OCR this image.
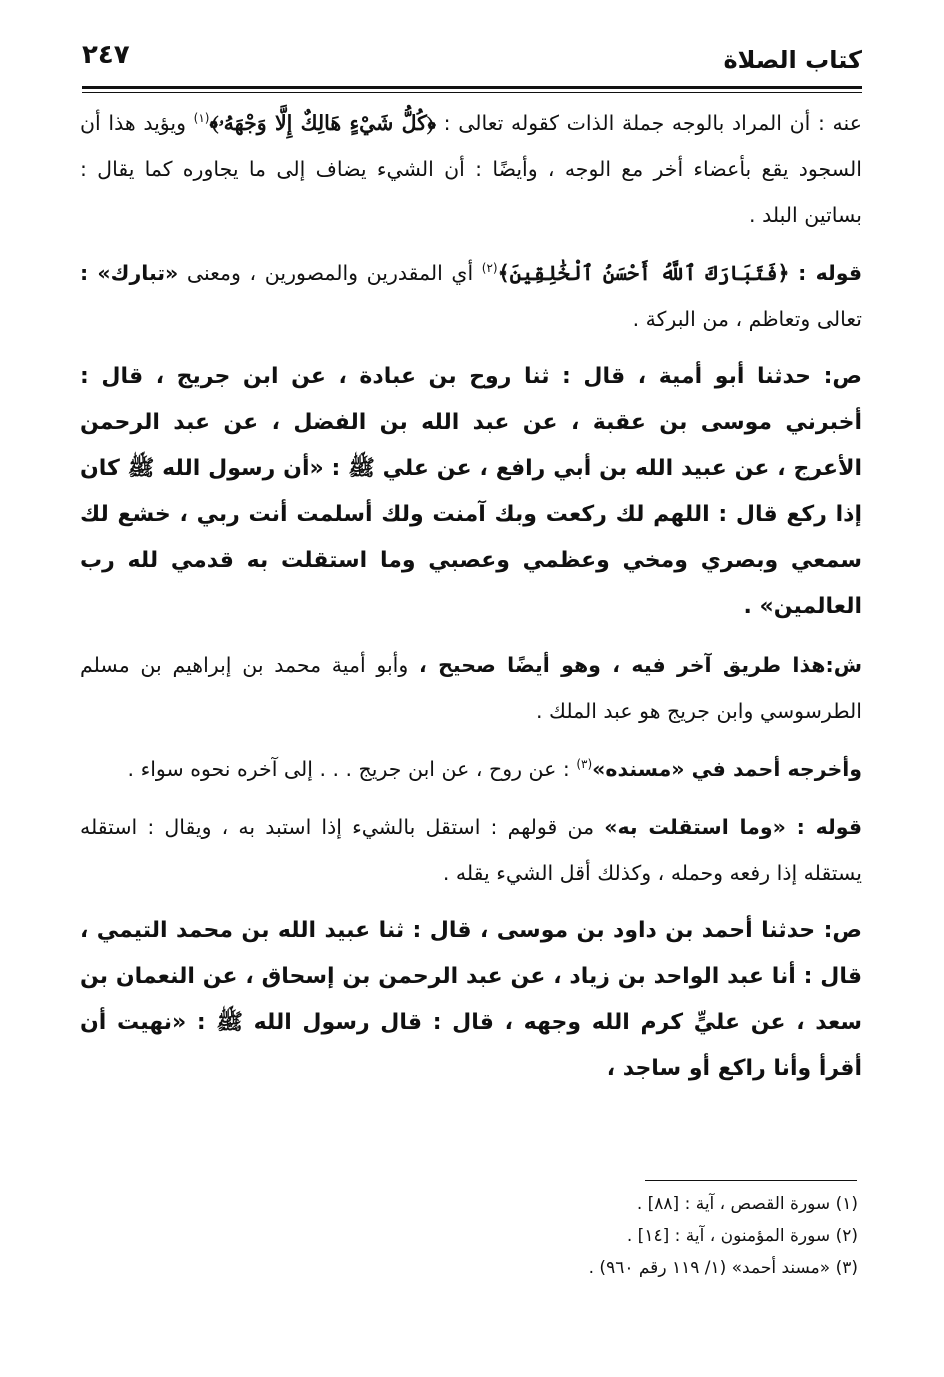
كتاب الصلاة
٢٤٧

عنه : أن المراد بالوجه جملة الذات كقوله تعالى : ﴿كُلُّ شَيْءٍ هَالِكٌ إِلَّا وَجْهَهُۥ﴾$^{(١)}$ ويؤيد هذا أن السجود يقع بأعضاء أخر مع الوجه ، وأيضًا : أن الشيء يضاف إلى ما يجاوره كما يقال : بساتين البلد .

قوله : ﴿فَتَبَارَكَ ٱللَّهُ أَحْسَنُ ٱلْخَٰلِقِينَ﴾$^{(٢)}$ أي المقدرين والمصورين ، ومعنى «تبارك» : تعالى وتعاظم ، من البركة .

ص: حدثنا أبو أمية ، قال : ثنا روح بن عبادة ، عن ابن جريج ، قال : أخبرني موسى بن عقبة ، عن عبد الله بن الفضل ، عن عبد الرحمن الأعرج ، عن عبيد الله بن أبي رافع ، عن علي ﷺ : «أن رسول الله ﷺ كان إذا ركع قال : اللهم لك ركعت وبك آمنت ولك أسلمت أنت ربي ، خشع لك سمعي وبصري ومخي وعظمي وعصبي وما استقلت به قدمي لله رب العالمين» .

ش:هذا طريق آخر فيه ، وهو أيضًا صحيح ، وأبو أمية محمد بن إبراهيم بن مسلم الطرسوسي وابن جريج هو عبد الملك .

وأخرجه أحمد في «مسنده»$^{(٣)}$ : عن روح ، عن ابن جريج . . . إلى آخره نحوه سواء .

قوله : «وما استقلت به» من قولهم : استقل بالشيء إذا استبد به ، ويقال : استقله يستقله إذا رفعه وحمله ، وكذلك أقل الشيء يقله .

ص: حدثنا أحمد بن داود بن موسى ، قال : ثنا عبيد الله بن محمد التيمي ، قال : أنا عبد الواحد بن زياد ، عن عبد الرحمن بن إسحاق ، عن النعمان بن سعد ، عن عليٍّ كرم الله وجهه ، قال : قال رسول الله ﷺ : «نهيت أن أقرأ وأنا راكع أو ساجد ،

(١) سورة القصص ، آية : [٨٨] .
(٢) سورة المؤمنون ، آية : [١٤] .
(٣) «مسند أحمد» (١/ ١١٩ رقم ٩٦٠) .
